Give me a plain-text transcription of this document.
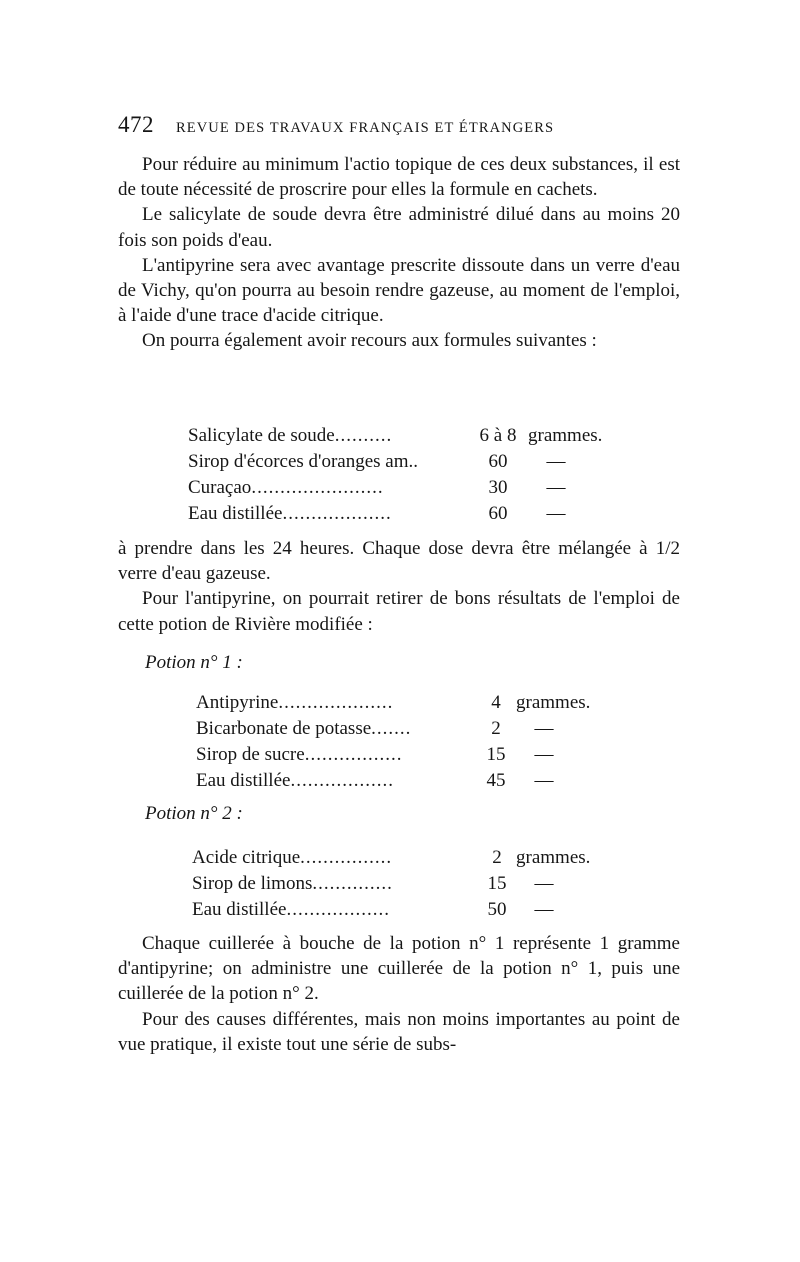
472 REVUE DES TRAVAUX FRANÇAIS ET ÉTRANGERS

Pour réduire au minimum l'actio topique de ces deux substances, il est de toute nécessité de proscrire pour elles la formule en cachets.

Le salicylate de soude devra être administré dilué dans au moins 20 fois son poids d'eau.

L'antipyrine sera avec avantage prescrite dissoute dans un verre d'eau de Vichy, qu'on pourra au besoin rendre gazeuse, au moment de l'emploi, à l'aide d'une trace d'acide citrique.

On pourra également avoir recours aux formules suivantes :

Salicylate de soude..........	6 à 8 grammes.
Sirop d'écorces d'oranges am..	60	—
Curaçao.......................	30	—
Eau distillée...................	60	—

à prendre dans les 24 heures. Chaque dose devra être mélangée à 1/2 verre d'eau gazeuse.

Pour l'antipyrine, on pourrait retirer de bons résultats de l'emploi de cette potion de Rivière modifiée :

Potion n° 1 :
Antipyrine....................	4 grammes.
Bicarbonate de potasse.......	2	—
Sirop de sucre.................	15	—
Eau distillée..................	45	—
Potion n° 2 :
Acide citrique................	2 grammes.
Sirop de limons..............	15	—
Eau distillée..................	50	—

Chaque cuillerée à bouche de la potion n° 1 représente 1 gramme d'antipyrine; on administre une cuillerée de la potion n° 1, puis une cuillerée de la potion n° 2.

Pour des causes différentes, mais non moins importantes au point de vue pratique, il existe tout une série de subs-
